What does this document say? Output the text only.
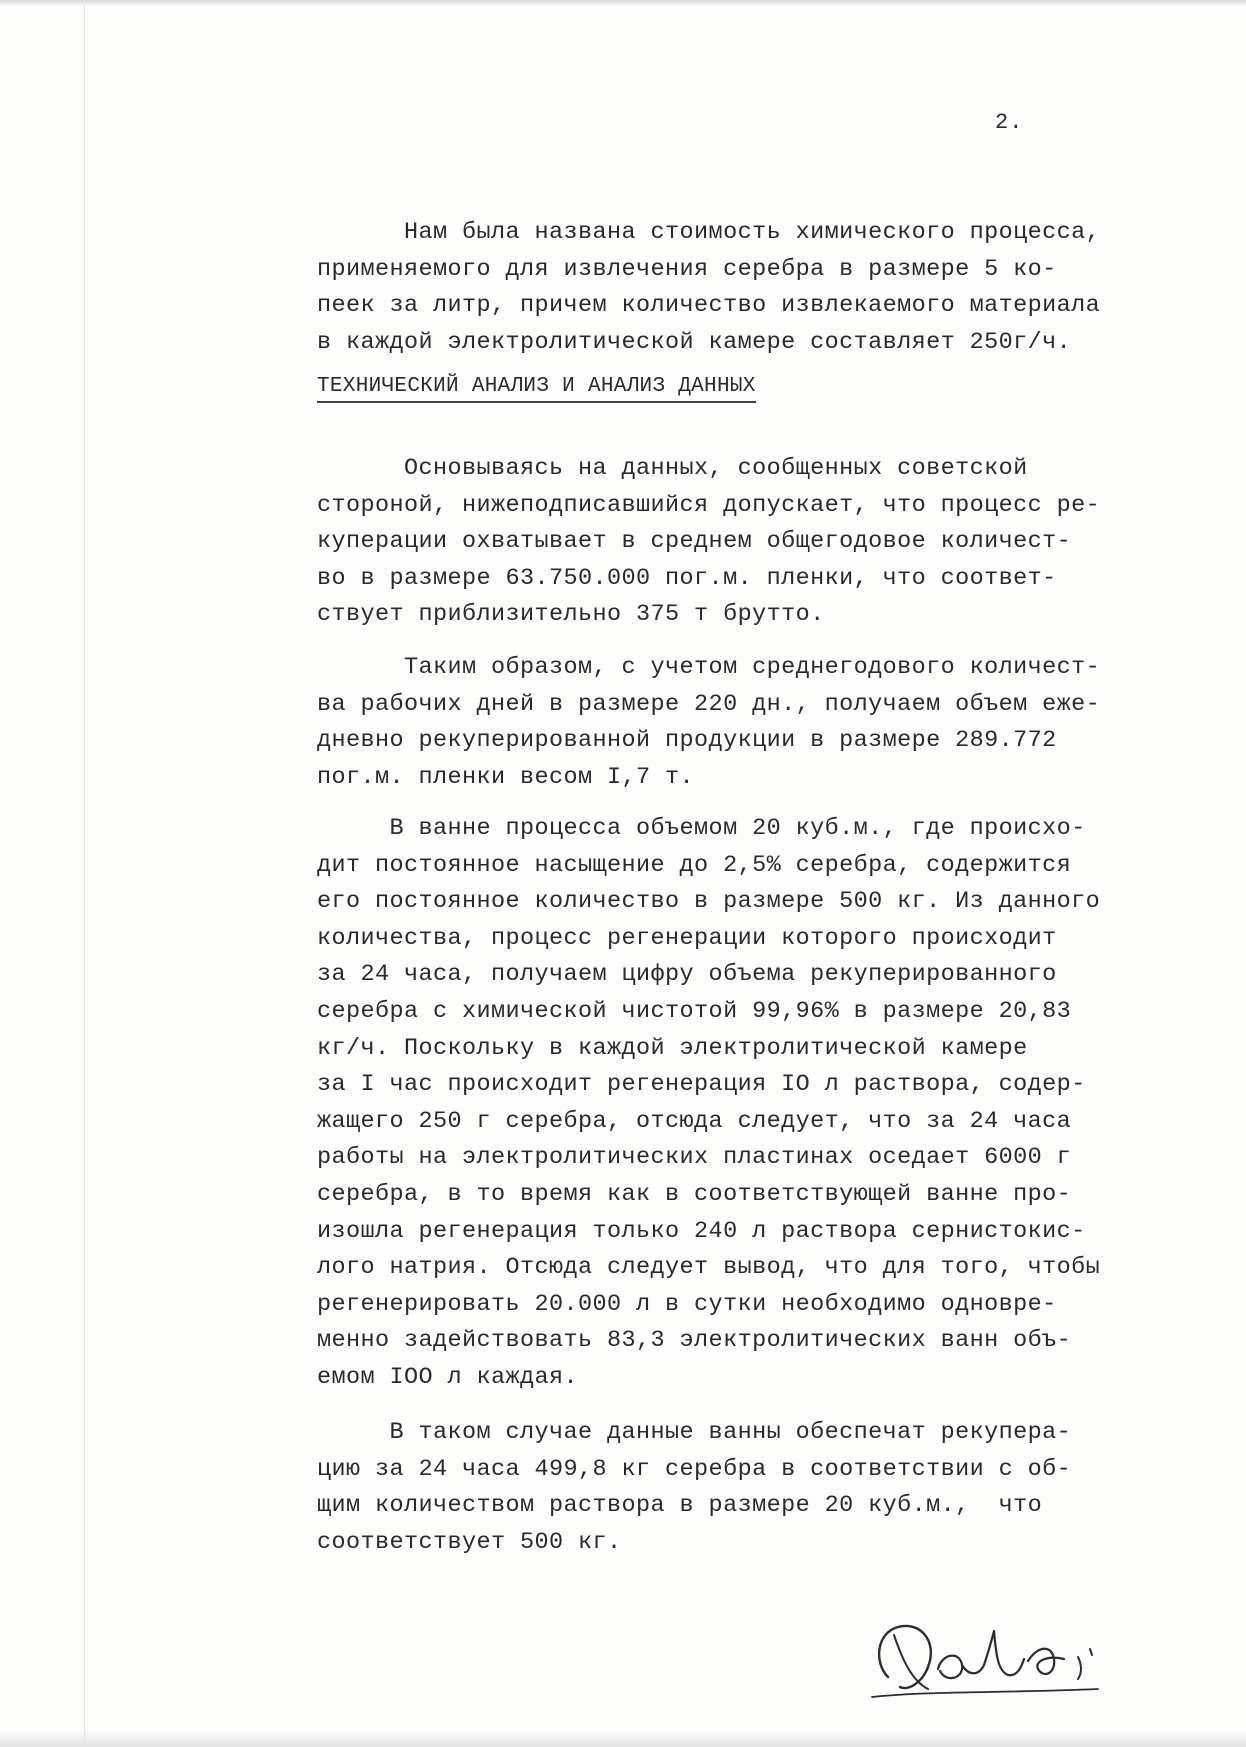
2.
Нам была названа стоимость химического процесса,
применяемого для извлечения серебра в размере 5 ко-
пеек за литр, причем количество извлекаемого материала
в каждой электролитической камере составляет 250г/ч.
ТЕХНИЧЕСКИЙ АНАЛИЗ И АНАЛИЗ ДАННЫХ
Основываясь на данных, сообщенных советской
стороной, нижеподписавшийся допускает, что процесс ре-
куперации охватывает в среднем общегодовое количест-
во в размере 63.750.000 пог.м. пленки, что соответ-
ствует приблизительно 375 т брутто.
Таким образом, с учетом среднегодового количест-
ва рабочих дней в размере 220 дн., получаем объем еже-
дневно рекуперированной продукции в размере 289.772
пог.м. пленки весом I,7 т.
В ванне процесса объемом 20 куб.м., где происхо-
дит постоянное насыщение до 2,5% серебра, содержится
его постоянное количество в размере 500 кг. Из данного
количества, процесс регенерации которого происходит
за 24 часа, получаем цифру объема рекуперированного
серебра с химической чистотой 99,96% в размере 20,83
кг/ч. Поскольку в каждой электролитической камере
за I час происходит регенерация IO л раствора, содер-
жащего 250 г серебра, отсюда следует, что за 24 часа
работы на электролитических пластинах оседает 6000 г
серебра, в то время как в соответствующей ванне про-
изошла регенерация только 240 л раствора сернистокис-
лого натрия. Отсюда следует вывод, что для того, чтобы
регенерировать 20.000 л в сутки необходимо одновре-
менно задействовать 83,3 электролитических ванн объ-
емом IOO л каждая.
В таком случае данные ванны обеспечат рекупера-
цию за 24 часа 499,8 кг серебра в соответствии с об-
щим количеством раствора в размере 20 куб.м.,  что
соответствует 500 кг.
